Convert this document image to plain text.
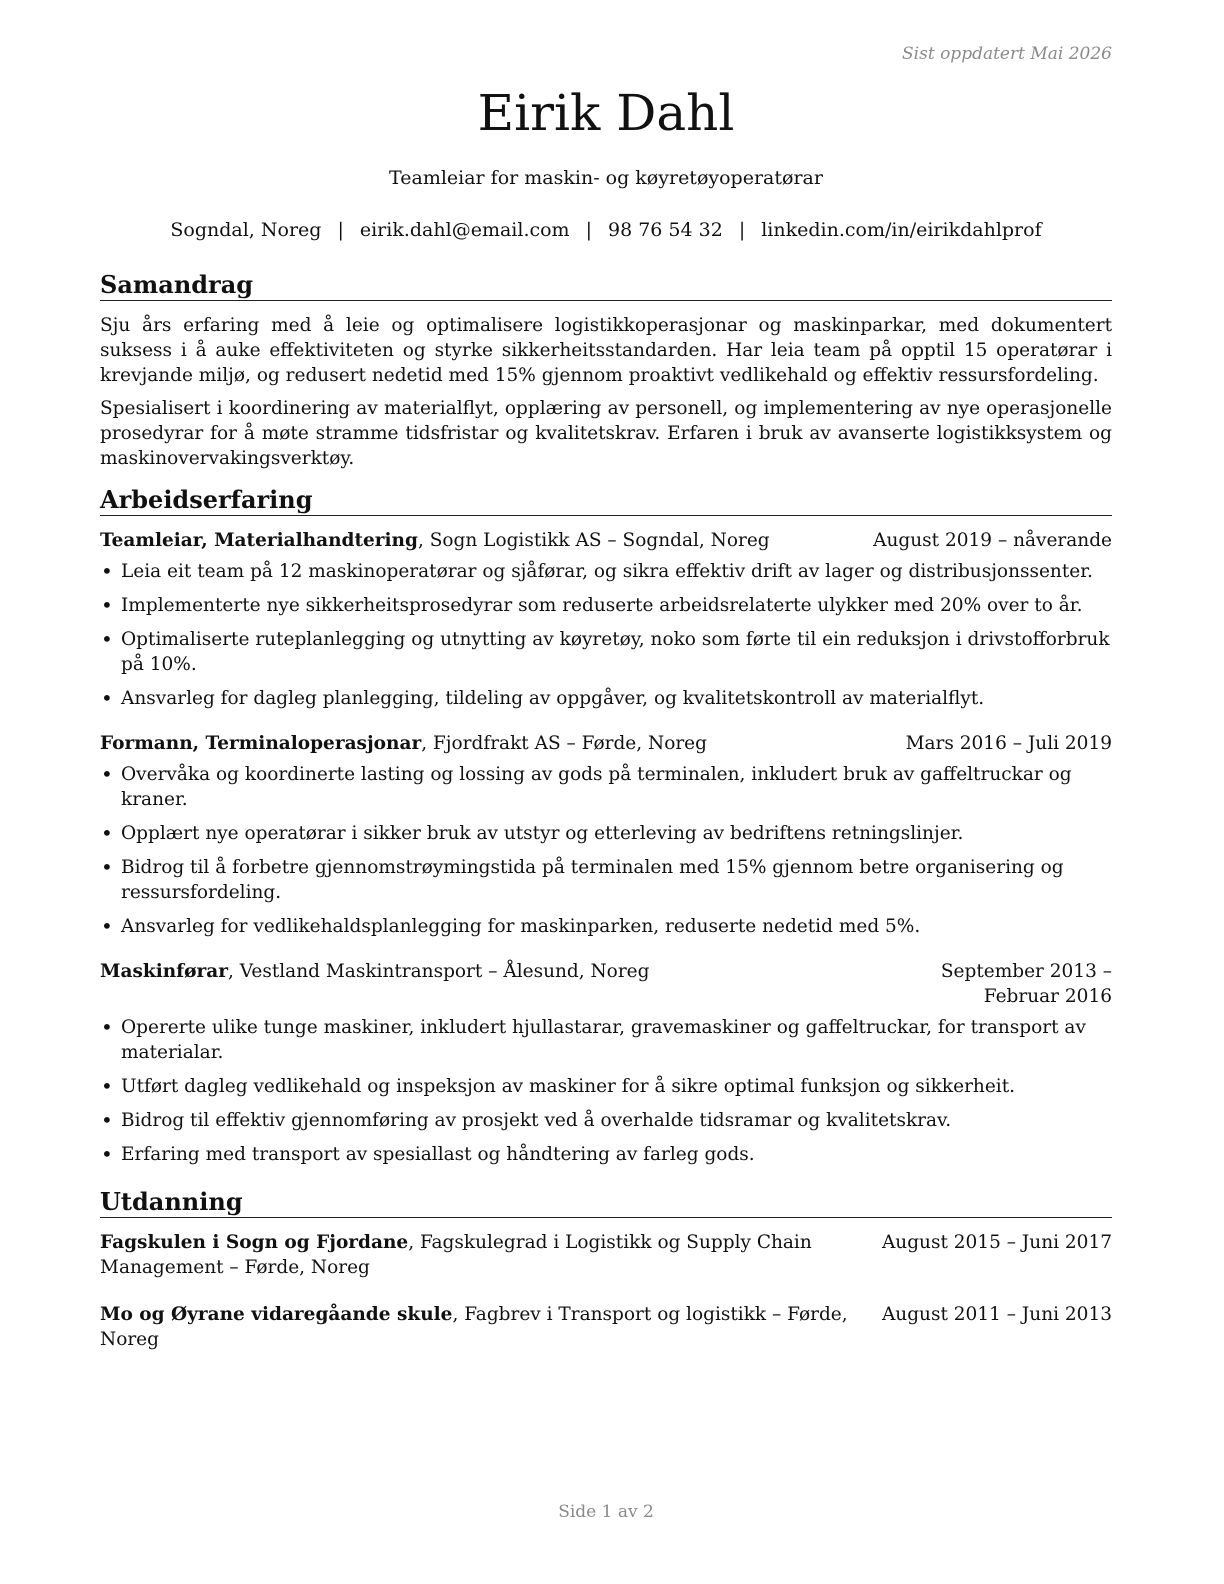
Sist oppdatert Mai 2026
Eirik Dahl
Teamleiar for maskin- og køyretøyoperatørar
Sogndal, Noreg | eirik.dahl@email.com | 98 76 54 32 | linkedin.com/in/eirikdahlprof
Samandrag

Sju års erfaring med å leie og optimalisere logistikkoperasjonar og maskinparkar, med dokumentert suksess i å auke effektiviteten og styrke sikkerheitsstandarden. Har leia team på opptil 15 operatørar i krevjande miljø, og redusert nedetid med 15% gjennom proaktivt vedlikehald og effektiv ressursfordeling.

Spesialisert i koordinering av materialflyt, opplæring av personell, og implementering av nye operasjonelle prosedyrar for å møte stramme tidsfristar og kvalitetskrav. Erfaren i bruk av avanserte logistikksystem og maskinovervakingsverktøy.

Arbeidserfaring
Teamleiar, Materialhandtering, Sogn Logistikk AS – Sogndal, Noreg	August 2019 – nåverande
• Leia eit team på 12 maskinoperatørar og sjåførar, og sikra effektiv drift av lager og distribusjonssenter.
• Implementerte nye sikkerheitsprosedyrar som reduserte arbeidsrelaterte ulykker med 20% over to år.
• Optimaliserte ruteplanlegging og utnytting av køyretøy, noko som førte til ein reduksjon i drivstofforbruk på 10%.
• Ansvarleg for dagleg planlegging, tildeling av oppgåver, og kvalitetskontroll av materialflyt.
Formann, Terminaloperasjonar, Fjordfrakt AS – Førde, Noreg	Mars 2016 – Juli 2019
• Overvåka og koordinerte lasting og lossing av gods på terminalen, inkludert bruk av gaffeltruckar og kraner.
• Opplært nye operatørar i sikker bruk av utstyr og etterleving av bedriftens retningslinjer.
• Bidrog til å forbetre gjennomstrøymingstida på terminalen med 15% gjennom betre organisering og ressursfordeling.
• Ansvarleg for vedlikehaldsplanlegging for maskinparken, reduserte nedetid med 5%.
Maskinførar, Vestland Maskintransport – Ålesund, Noreg	September 2013 – Februar 2016
• Opererte ulike tunge maskiner, inkludert hjullastarar, gravemaskiner og gaffeltruckar, for transport av materialar.
• Utført dagleg vedlikehald og inspeksjon av maskiner for å sikre optimal funksjon og sikkerheit.
• Bidrog til effektiv gjennomføring av prosjekt ved å overhalde tidsramar og kvalitetskrav.
• Erfaring med transport av spesiallast og håndtering av farleg gods.
Utdanning
Fagskulen i Sogn og Fjordane, Fagskulegrad i Logistikk og Supply Chain Management – Førde, Noreg
August 2015 – Juni 2017
Mo og Øyrane vidaregåande skule, Fagbrev i Transport og logistikk – Førde, Noreg
August 2011 – Juni 2013
Side 1 av 2
